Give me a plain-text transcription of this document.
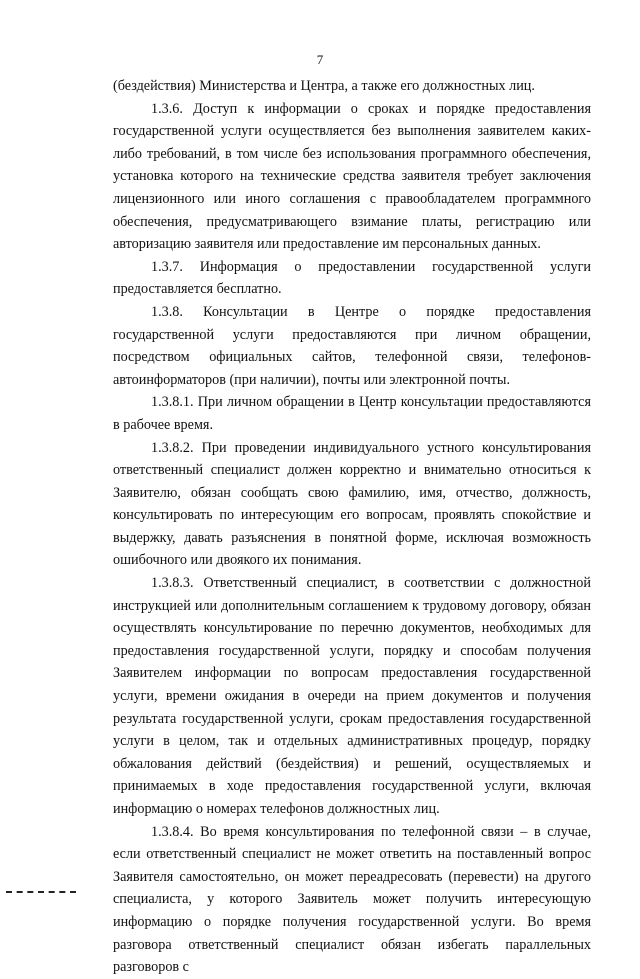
7

(бездействия) Министерства и Центра, а также его должностных лиц.

1.3.6. Доступ к информации о сроках и порядке предоставления государственной услуги осуществляется без выполнения заявителем каких-либо требований, в том числе без использования программного обеспечения, установка которого на технические средства заявителя требует заключения лицензионного или иного соглашения с правообладателем программного обеспечения, предусматривающего взимание платы, регистрацию или авторизацию заявителя или предоставление им персональных данных.

1.3.7. Информация о предоставлении государственной услуги предоставляется бесплатно.

1.3.8. Консультации в Центре о порядке предоставления государственной услуги предоставляются при личном обращении, посредством официальных сайтов, телефонной связи, телефонов-автоинформаторов (при наличии), почты или электронной почты.

1.3.8.1. При личном обращении в Центр консультации предоставляются в рабочее время.

1.3.8.2. При проведении индивидуального устного консультирования ответственный специалист должен корректно и внимательно относиться к Заявителю, обязан сообщать свою фамилию, имя, отчество, должность, консультировать по интересующим его вопросам, проявлять спокойствие и выдержку, давать разъяснения в понятной форме, исключая возможность ошибочного или двоякого их понимания.

1.3.8.3. Ответственный специалист, в соответствии с должностной инструкцией или дополнительным соглашением к трудовому договору, обязан осуществлять консультирование по перечню документов, необходимых для предоставления государственной услуги, порядку и способам получения Заявителем информации по вопросам предоставления государственной услуги, времени ожидания в очереди на прием документов и получения результата государственной услуги, срокам предоставления государственной услуги в целом, так и отдельных административных процедур, порядку обжалования действий (бездействия) и решений, осуществляемых и принимаемых в ходе предоставления государственной услуги, включая информацию о номерах телефонов должностных лиц.

1.3.8.4. Во время консультирования по телефонной связи – в случае, если ответственный специалист не может ответить на поставленный вопрос Заявителя самостоятельно, он может переадресовать (перевести) на другого специалиста, у которого Заявитель может получить интересующую информацию о порядке получения государственной услуги. Во время разговора ответственный специалист обязан избегать параллельных разговоров с
